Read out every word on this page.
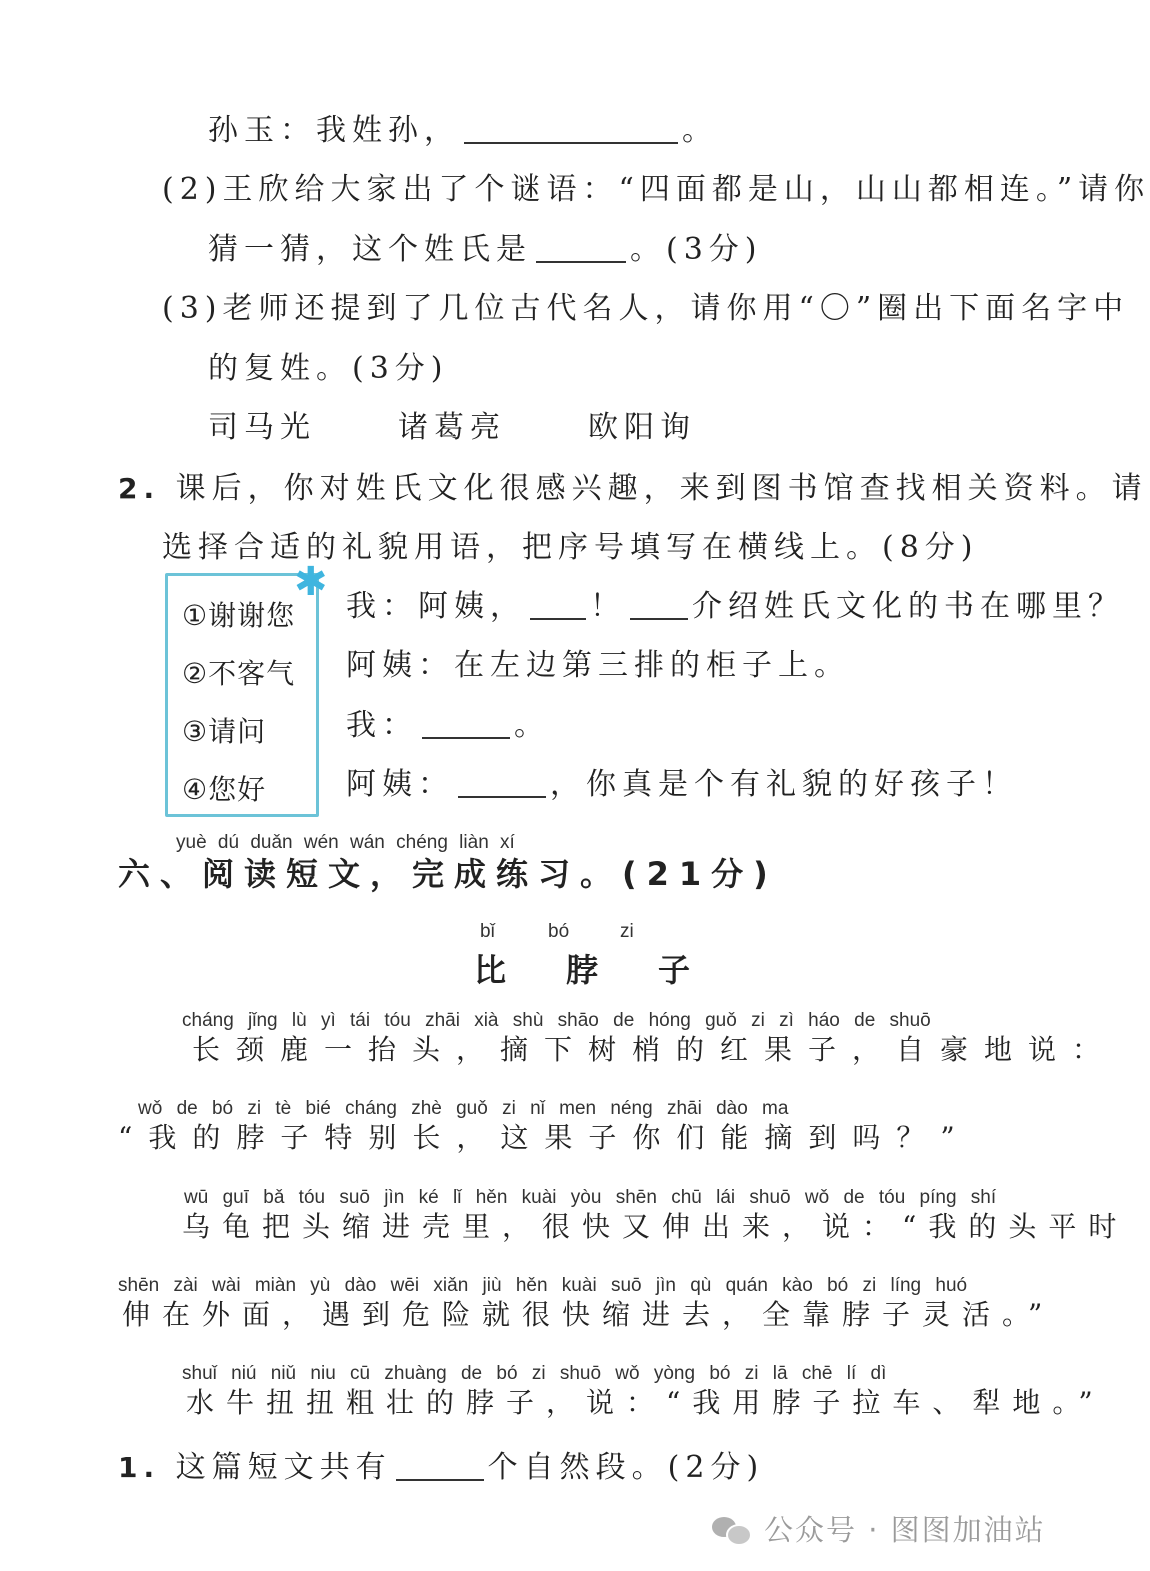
孙玉：我姓孙，	。
(2)王欣给大家出了个谜语：“四面都是山，山山都相连。”请你
猜一猜，这个姓氏是	。(3分)
(3)老师还提到了几位古代名人，请你用“〇”圈出下面名字中
的复姓。(3分)
司马光	诸葛亮	欧阳询
2. 课后，你对姓氏文化很感兴趣，来到图书馆查找相关资料。请
选择合适的礼貌用语，把序号填写在横线上。(8分)
✱
①谢谢您
②不客气
③请问
④您好
我：阿姨， ！ 介绍姓氏文化的书在哪里？
阿姨：在左边第三排的柜子上。
我：	。
阿姨：	，你真是个有礼貌的好孩子！
yuè dú duǎn wén wán chéng liàn xí
六、阅读短文，完成练习。(21分)
bǐ	bó	zi
比脖子
cháng jǐng lù yì tái tóu zhāi xià shù shāo de hóng guǒ zi zì háo de shuō
长颈鹿一抬头，摘下树梢的红果子，自豪地说：
wǒ de bó zi tè bié cháng zhè guǒ zi nǐ men néng zhāi dào ma
“我的脖子特别长，这果子你们能摘到吗？”
wū guī bǎ tóu suō jìn ké lǐ hěn kuài yòu shēn chū lái shuō wǒ de tóu píng shí
乌龟把头缩进壳里，很快又伸出来，说：“我的头平时
shēn zài wài miàn yù dào wēi xiǎn jiù hěn kuài suō jìn qù quán kào bó zi líng huó
伸在外面，遇到危险就很快缩进去，全靠脖子灵活。”
shuǐ niú niǔ niu cū zhuàng de bó zi shuō wǒ yòng bó zi lā chē lí dì
水牛扭扭粗壮的脖子，说：“我用脖子拉车、犁地。”
1. 这篇短文共有	个自然段。(2分)
公众号 · 图图加油站
